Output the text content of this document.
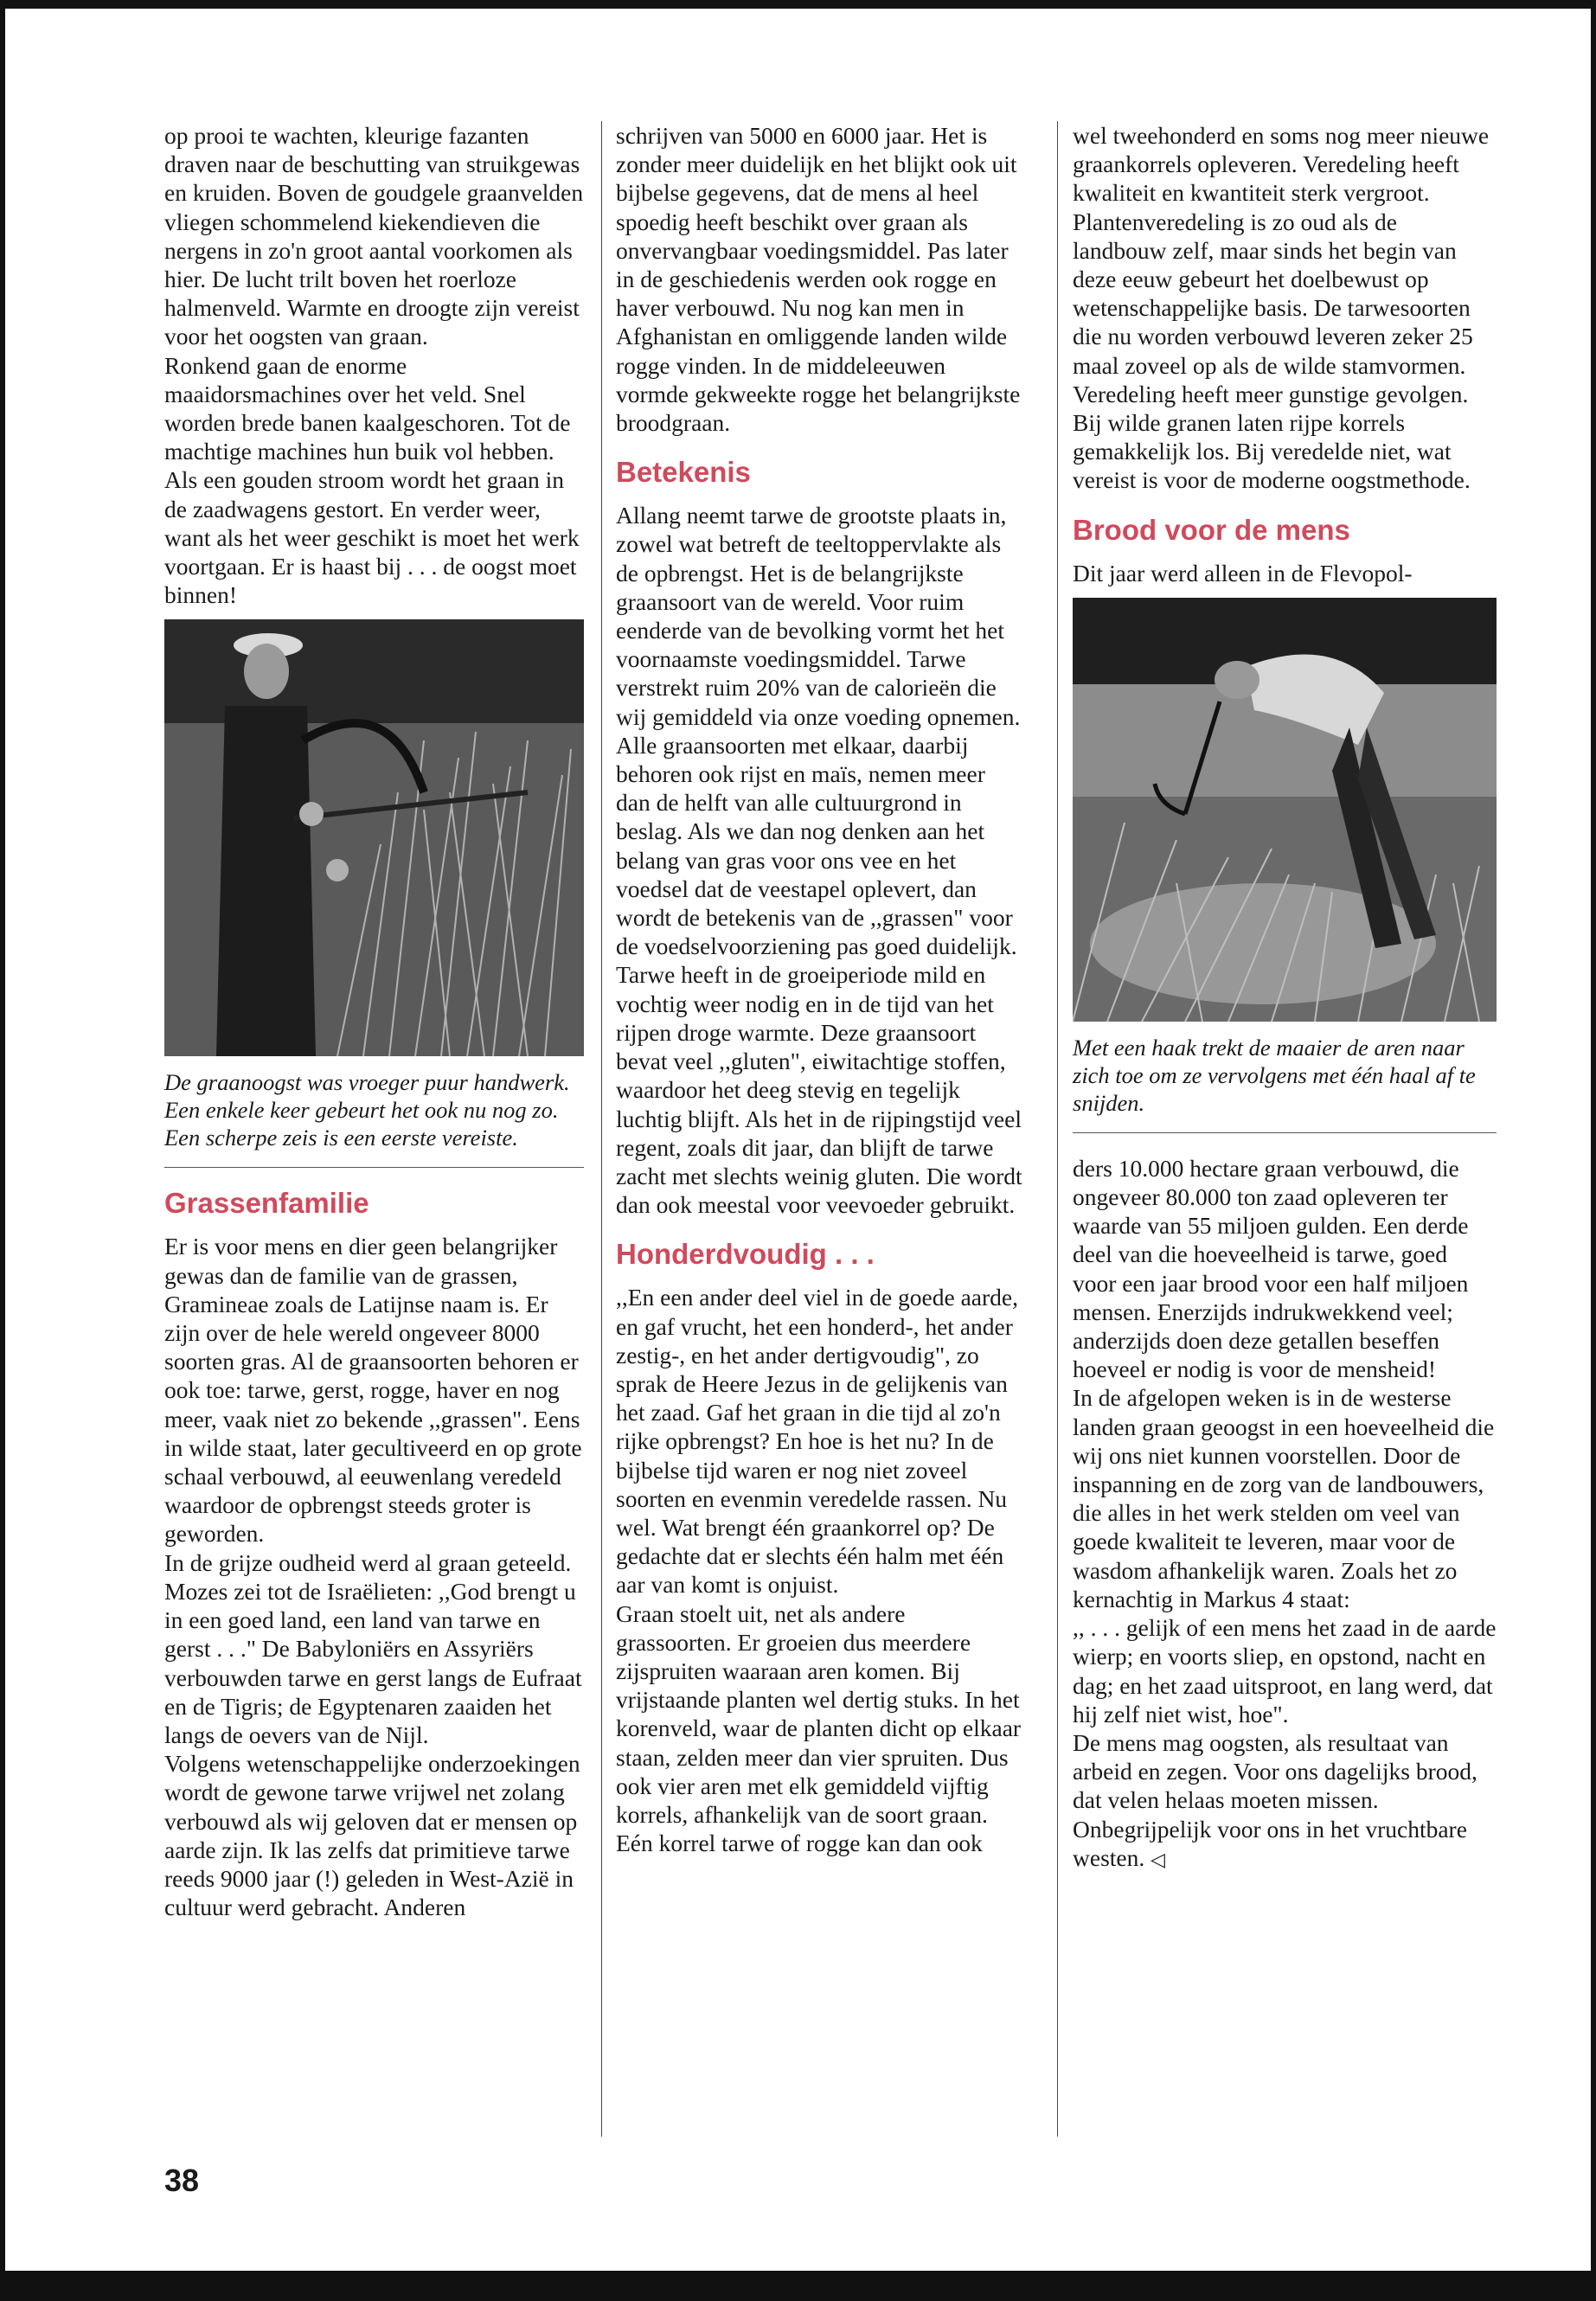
op prooi te wachten, kleurige fazanten draven naar de beschutting van struikgewas en kruiden. Boven de goudgele graanvelden vliegen schommelend kiekendieven die nergens in zo'n groot aantal voorkomen als hier. De lucht trilt boven het roerloze halmenveld. Warmte en droogte zijn vereist voor het oogsten van graan.

Ronkend gaan de enorme maaidorsmachines over het veld. Snel worden brede banen kaalgeschoren. Tot de machtige machines hun buik vol hebben. Als een gouden stroom wordt het graan in de zaadwagens gestort. En verder weer, want als het weer geschikt is moet het werk voortgaan. Er is haast bij . . . de oogst moet binnen!

De graanoogst was vroeger puur handwerk. Een enkele keer gebeurt het ook nu nog zo. Een scherpe zeis is een eerste vereiste.

Grassenfamilie

Er is voor mens en dier geen belangrijker gewas dan de familie van de grassen, Gramineae zoals de Latijnse naam is. Er zijn over de hele wereld ongeveer 8000 soorten gras. Al de graansoorten behoren er ook toe: tarwe, gerst, rogge, haver en nog meer, vaak niet zo bekende ,,grassen". Eens in wilde staat, later gecultiveerd en op grote schaal verbouwd, al eeuwenlang veredeld waardoor de opbrengst steeds groter is geworden.

In de grijze oudheid werd al graan geteeld. Mozes zei tot de Israëlieten: ,,God brengt u in een goed land, een land van tarwe en gerst . . ." De Babyloniërs en Assyriërs verbouwden tarwe en gerst langs de Eufraat en de Tigris; de Egyptenaren zaaiden het langs de oevers van de Nijl.

Volgens wetenschappelijke onderzoekingen wordt de gewone tarwe vrijwel net zolang verbouwd als wij geloven dat er mensen op aarde zijn. Ik las zelfs dat primitieve tarwe reeds 9000 jaar (!) geleden in West-Azië in cultuur werd gebracht. Anderen

schrijven van 5000 en 6000 jaar. Het is zonder meer duidelijk en het blijkt ook uit bijbelse gegevens, dat de mens al heel spoedig heeft beschikt over graan als onvervangbaar voedingsmiddel. Pas later in de geschiedenis werden ook rogge en haver verbouwd. Nu nog kan men in Afghanistan en omliggende landen wilde rogge vinden. In de middeleeuwen vormde gekweekte rogge het belangrijkste broodgraan.

Betekenis

Allang neemt tarwe de grootste plaats in, zowel wat betreft de teeltoppervlakte als de opbrengst. Het is de belangrijkste graansoort van de wereld. Voor ruim eenderde van de bevolking vormt het het voornaamste voedingsmiddel. Tarwe verstrekt ruim 20% van de calorieën die wij gemiddeld via onze voeding opnemen.

Alle graansoorten met elkaar, daarbij behoren ook rijst en maïs, nemen meer dan de helft van alle cultuurgrond in beslag. Als we dan nog denken aan het belang van gras voor ons vee en het voedsel dat de veestapel oplevert, dan wordt de betekenis van de ,,grassen" voor de voedselvoorziening pas goed duidelijk.

Tarwe heeft in de groeiperiode mild en vochtig weer nodig en in de tijd van het rijpen droge warmte. Deze graansoort bevat veel ,,gluten", eiwitachtige stoffen, waardoor het deeg stevig en tegelijk luchtig blijft. Als het in de rijpingstijd veel regent, zoals dit jaar, dan blijft de tarwe zacht met slechts weinig gluten. Die wordt dan ook meestal voor veevoeder gebruikt.

Honderdvoudig . . .

,,En een ander deel viel in de goede aarde, en gaf vrucht, het een honderd-, het ander zestig-, en het ander dertigvoudig", zo sprak de Heere Jezus in de gelijkenis van het zaad. Gaf het graan in die tijd al zo'n rijke opbrengst? En hoe is het nu? In de bijbelse tijd waren er nog niet zoveel soorten en evenmin veredelde rassen. Nu wel. Wat brengt één graankorrel op? De gedachte dat er slechts één halm met één aar van komt is onjuist.

Graan stoelt uit, net als andere grassoorten. Er groeien dus meerdere zijspruiten waaraan aren komen. Bij vrijstaande planten wel dertig stuks. In het korenveld, waar de planten dicht op elkaar staan, zelden meer dan vier spruiten. Dus ook vier aren met elk gemiddeld vijftig korrels, afhankelijk van de soort graan. Eén korrel tarwe of rogge kan dan ook

wel tweehonderd en soms nog meer nieuwe graankorrels opleveren. Veredeling heeft kwaliteit en kwantiteit sterk vergroot.

Plantenveredeling is zo oud als de landbouw zelf, maar sinds het begin van deze eeuw gebeurt het doelbewust op wetenschappelijke basis. De tarwesoorten die nu worden verbouwd leveren zeker 25 maal zoveel op als de wilde stamvormen. Veredeling heeft meer gunstige gevolgen. Bij wilde granen laten rijpe korrels gemakkelijk los. Bij veredelde niet, wat vereist is voor de moderne oogstmethode.

Brood voor de mens

Dit jaar werd alleen in de Flevopol-

Met een haak trekt de maaier de aren naar zich toe om ze vervolgens met één haal af te snijden.

ders 10.000 hectare graan verbouwd, die ongeveer 80.000 ton zaad opleveren ter waarde van 55 miljoen gulden. Een derde deel van die hoeveelheid is tarwe, goed voor een jaar brood voor een half miljoen mensen. Enerzijds indrukwekkend veel; anderzijds doen deze getallen beseffen hoeveel er nodig is voor de mensheid!

In de afgelopen weken is in de westerse landen graan geoogst in een hoeveelheid die wij ons niet kunnen voorstellen. Door de inspanning en de zorg van de landbouwers, die alles in het werk stelden om veel van goede kwaliteit te leveren, maar voor de wasdom afhankelijk waren. Zoals het zo kernachtig in Markus 4 staat:

,, . . . gelijk of een mens het zaad in de aarde wierp; en voorts sliep, en opstond, nacht en dag; en het zaad uitsproot, en lang werd, dat hij zelf niet wist, hoe".

De mens mag oogsten, als resultaat van arbeid en zegen. Voor ons dagelijks brood, dat velen helaas moeten missen. Onbegrijpelijk voor ons in het vruchtbare westen. ◁

38
